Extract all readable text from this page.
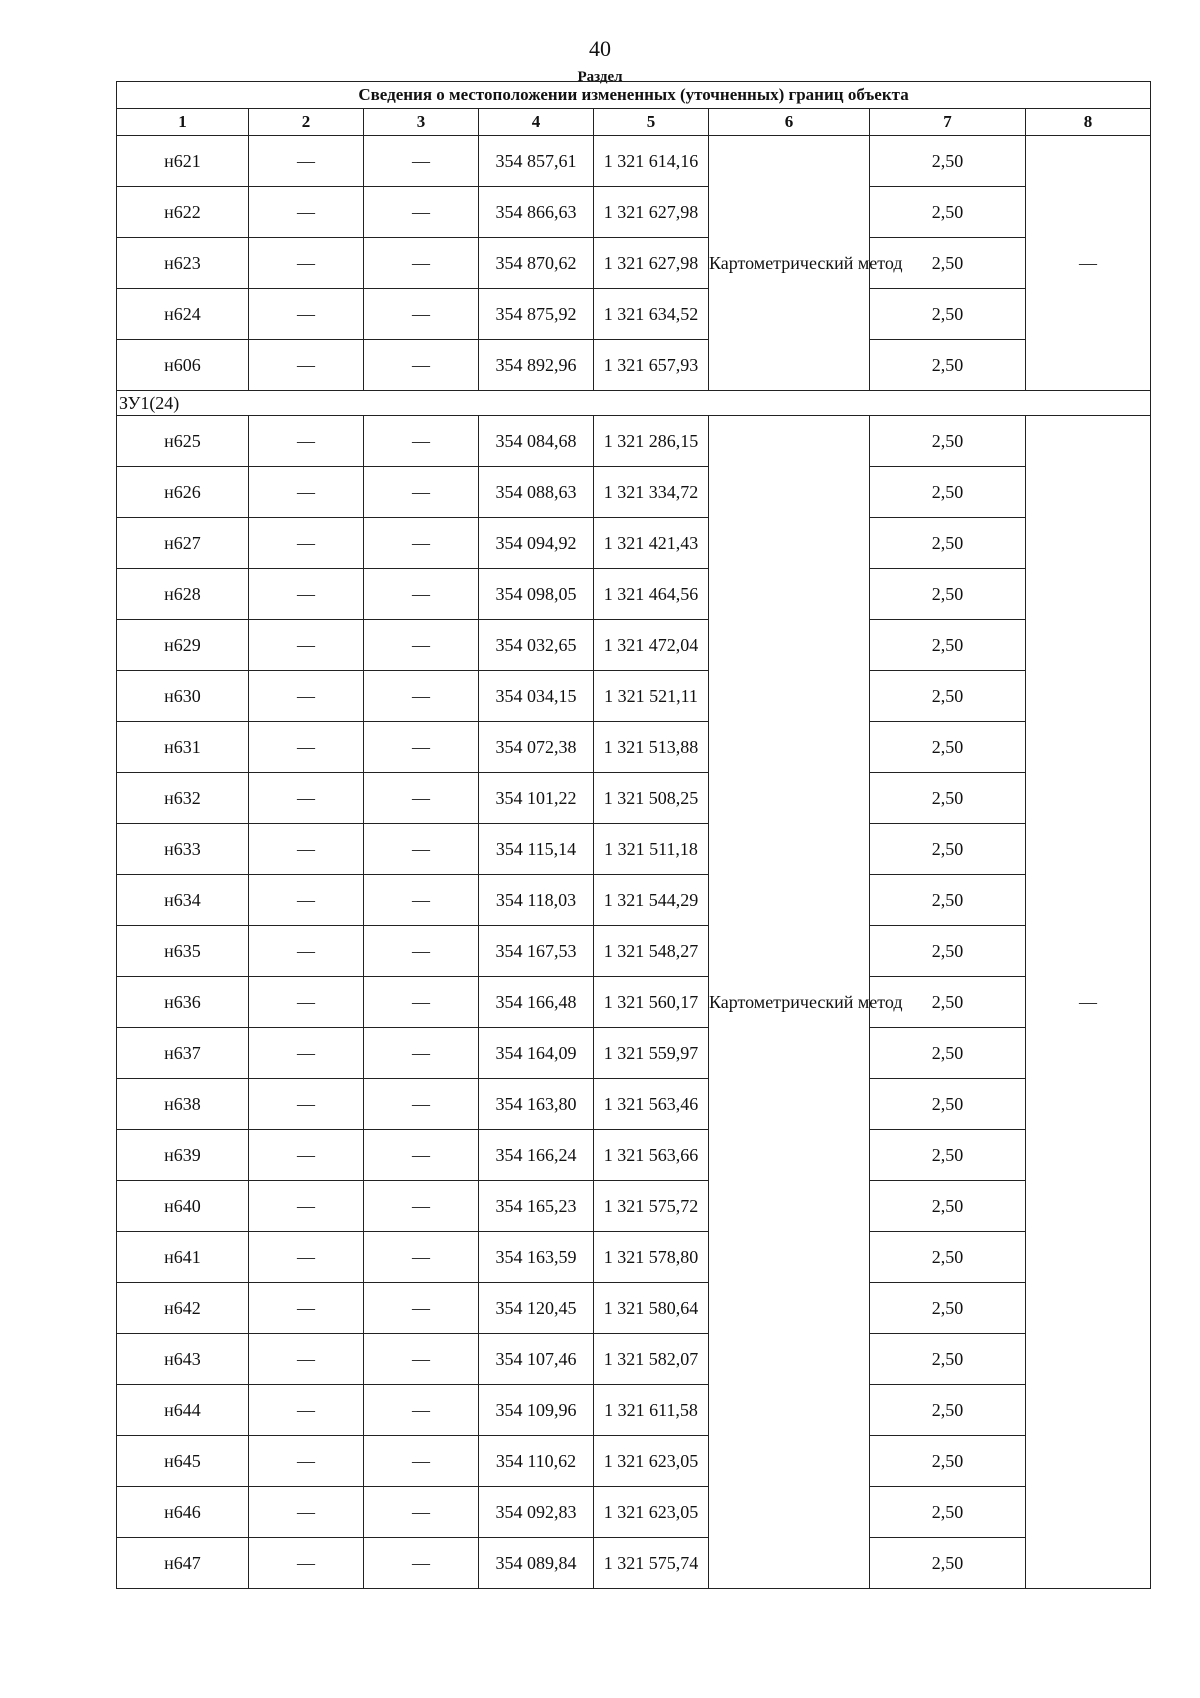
40
Раздел
Сведения о местоположении измененных (уточненных) границ объекта							
1	2	3	4	5	6	7	8
н621	—	—	354 857,61	1 321 614,16	Картометрический метод	2,50	—
н622	—	—	354 866,63	1 321 627,98		2,50	
н623	—	—	354 870,62	1 321 627,98		2,50	
н624	—	—	354 875,92	1 321 634,52		2,50	
н606	—	—	354 892,96	1 321 657,93		2,50	
ЗУ1(24)							
н625	—	—	354 084,68	1 321 286,15	Картометрический метод	2,50	—
н626	—	—	354 088,63	1 321 334,72		2,50	
н627	—	—	354 094,92	1 321 421,43		2,50	
н628	—	—	354 098,05	1 321 464,56		2,50	
н629	—	—	354 032,65	1 321 472,04		2,50	
н630	—	—	354 034,15	1 321 521,11		2,50	
н631	—	—	354 072,38	1 321 513,88		2,50	
н632	—	—	354 101,22	1 321 508,25		2,50	
н633	—	—	354 115,14	1 321 511,18		2,50	
н634	—	—	354 118,03	1 321 544,29		2,50	
н635	—	—	354 167,53	1 321 548,27		2,50	
н636	—	—	354 166,48	1 321 560,17		2,50	
н637	—	—	354 164,09	1 321 559,97		2,50	
н638	—	—	354 163,80	1 321 563,46		2,50	
н639	—	—	354 166,24	1 321 563,66		2,50	
н640	—	—	354 165,23	1 321 575,72		2,50	
н641	—	—	354 163,59	1 321 578,80		2,50	
н642	—	—	354 120,45	1 321 580,64		2,50	
н643	—	—	354 107,46	1 321 582,07		2,50	
н644	—	—	354 109,96	1 321 611,58		2,50	
н645	—	—	354 110,62	1 321 623,05		2,50	
н646	—	—	354 092,83	1 321 623,05		2,50	
н647	—	—	354 089,84	1 321 575,74		2,50	
